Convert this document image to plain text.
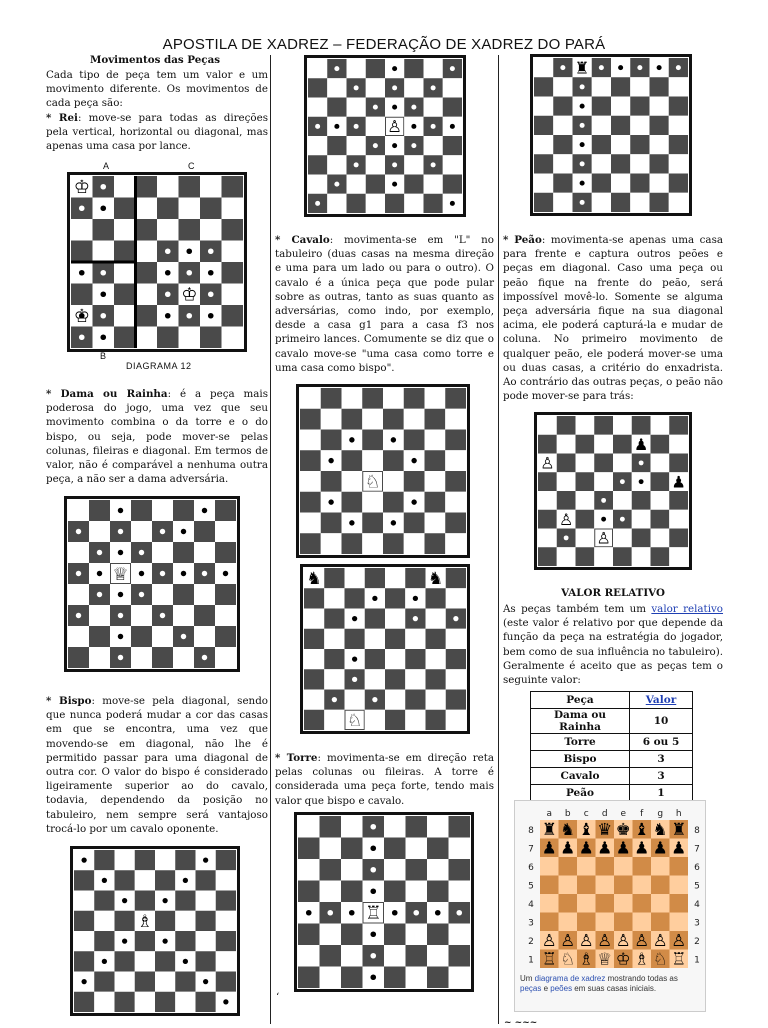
APOSTILA DE XADREZ – FEDERAÇÃO DE XADREZ DO PARÁ
Movimentos das Peças
Cada tipo de peça tem um valor e um movimento diferente. Os movimentos de cada peça são:
* Rei: move-se para todas as direções pela vertical, horizontal ou diagonal, mas apenas uma casa por lance.
A	C
♔
♔
♔
B
DIAGRAMA 12
* Dama ou Rainha: é a peça mais poderosa do jogo, uma vez que seu movimento combina o da torre e o do bispo, ou seja, pode mover-se pelas colunas, fileiras e diagonal. Em termos de valor, não é comparável a nenhuma outra peça, a não ser a dama adversária.
♕
* Bispo: move-se pela diagonal, sendo que nunca poderá mudar a cor das casas em que se encontra, uma vez que movendo-se em diagonal, não lhe é permitido passar para uma diagonal de outra cor. O valor do bispo é considerado ligeiramente superior ao do cavalo, todavia, dependendo da posição no tabuleiro, nem sempre será vantajoso trocá-lo por um cavalo oponente.
♗
♙
* Cavalo: movimenta-se em "L" no tabuleiro (duas casas na mesma direção e uma para um lado ou para o outro). O cavalo é a única peça que pode pular sobre as outras, tanto as suas quanto as adversárias, como indo, por exemplo, desde a casa g1 para a casa f3 nos primeiro lances. Comumente se diz que o cavalo move-se "uma casa como torre e uma casa como bispo".
♘
♞	♞
♘
* Torre: movimenta-se em direção reta pelas colunas ou fileiras. A torre é considerada uma peça forte, tendo mais valor que bispo e cavalo.
♖
‘
♜
* Peão: movimenta-se apenas uma casa para frente e captura outros peões e peças em diagonal. Caso uma peça ou peão fique na frente do peão, será impossível movê-lo. Somente se alguma peça adversária fique na sua diagonal acima, ele poderá capturá-la e mudar de coluna. No primeiro movimento de qualquer peão, ele poderá mover-se uma ou duas casas, a critério do enxadrista. Ao contrário das outras peças, o peão não pode mover-se para trás:
♟
♙
♟
♙
♙
VALOR RELATIVO
As peças também tem um valor relativo (este valor é relativo por que depende da função da peça na estratégia do jogador, bem como de sua influência no tabuleiro). Geralmente é aceito que as peças tem o seguinte valor:
Peça	Valor
Dama ou Rainha	10
Torre	6 ou 5
Bispo	3
Cavalo	3
Peão	1
a b c d e f g h
8	8
7	7
6	6
5	5
4	4
3	3
2	2
1	1
♜
♟
♙
♖
♞
♟
♙
♘
♝
♟
♙
♗
♛
♟
♙
♕
♚
♟
♙
♔
♝
♟
♙
♗
♞
♟
♙
♘
♜
♟
♙
♖
Um diagrama de xadrez mostrando todas as peças e peões em suas casas iniciais.
~ ~~~
